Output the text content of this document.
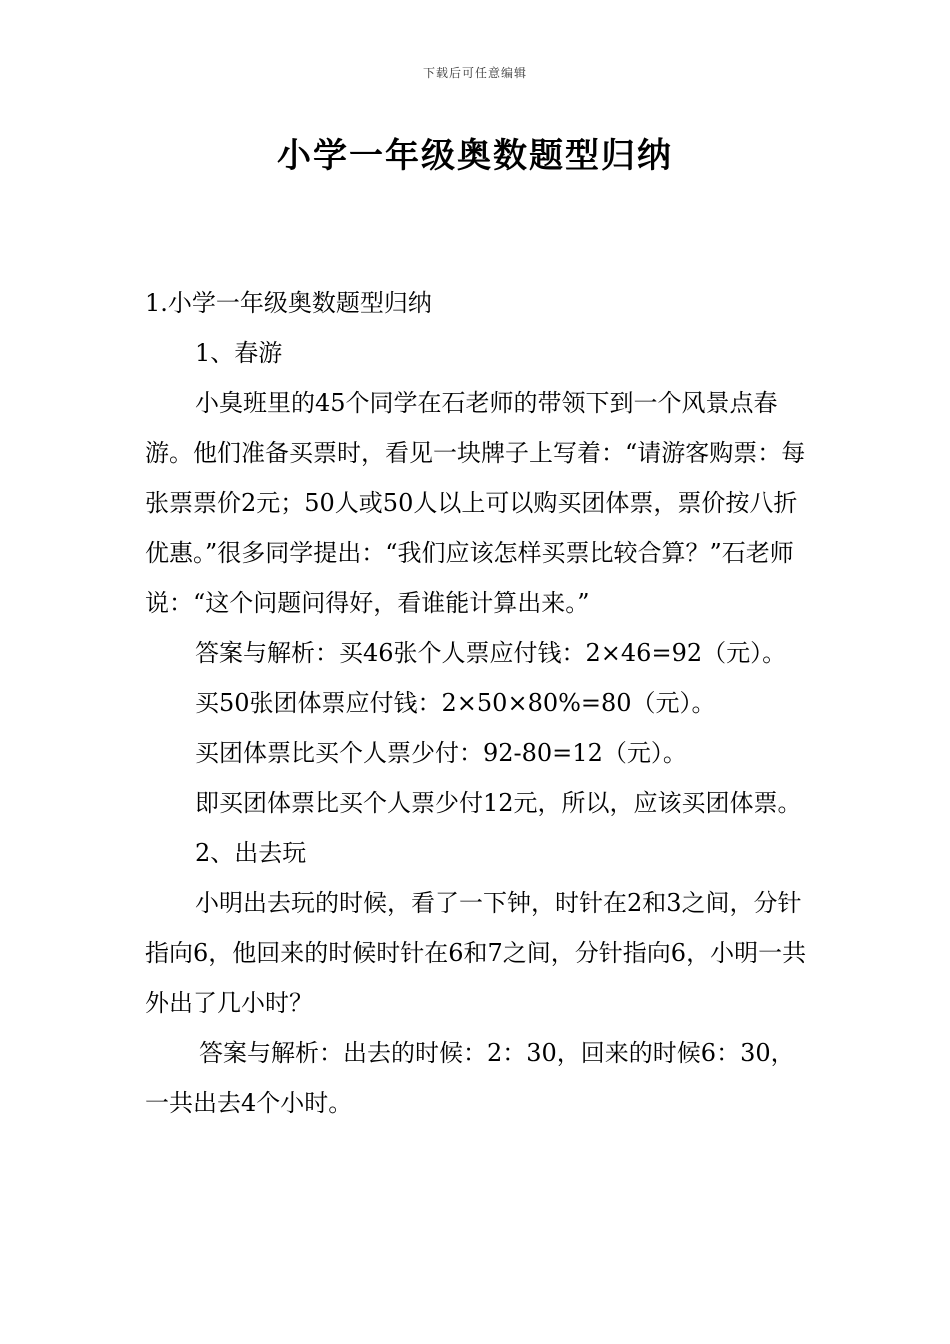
下载后可任意编辑
小学一年级奥数题型归纳

1.小学一年级奥数题型归纳

1、春游

小臭班里的45个同学在石老师的带领下到一个风景点春游。他们准备买票时，看见一块牌子上写着：“请游客购票：每张票票价2元；50人或50人以上可以购买团体票，票价按八折优惠。”很多同学提出：“我们应该怎样买票比较合算？”石老师说：“这个问题问得好，看谁能计算出来。”

答案与解析：买46张个人票应付钱：2×46=92（元）。

买50张团体票应付钱：2×50×80%=80（元）。

买团体票比买个人票少付：92-80=12（元）。

即买团体票比买个人票少付12元，所以，应该买团体票。

2、出去玩

小明出去玩的时候，看了一下钟，时针在2和3之间，分针指向6，他回来的时候时针在6和7之间，分针指向6，小明一共外出了几小时？

答案与解析：出去的时候：2：30，回来的时候6：30，一共出去4个小时。
